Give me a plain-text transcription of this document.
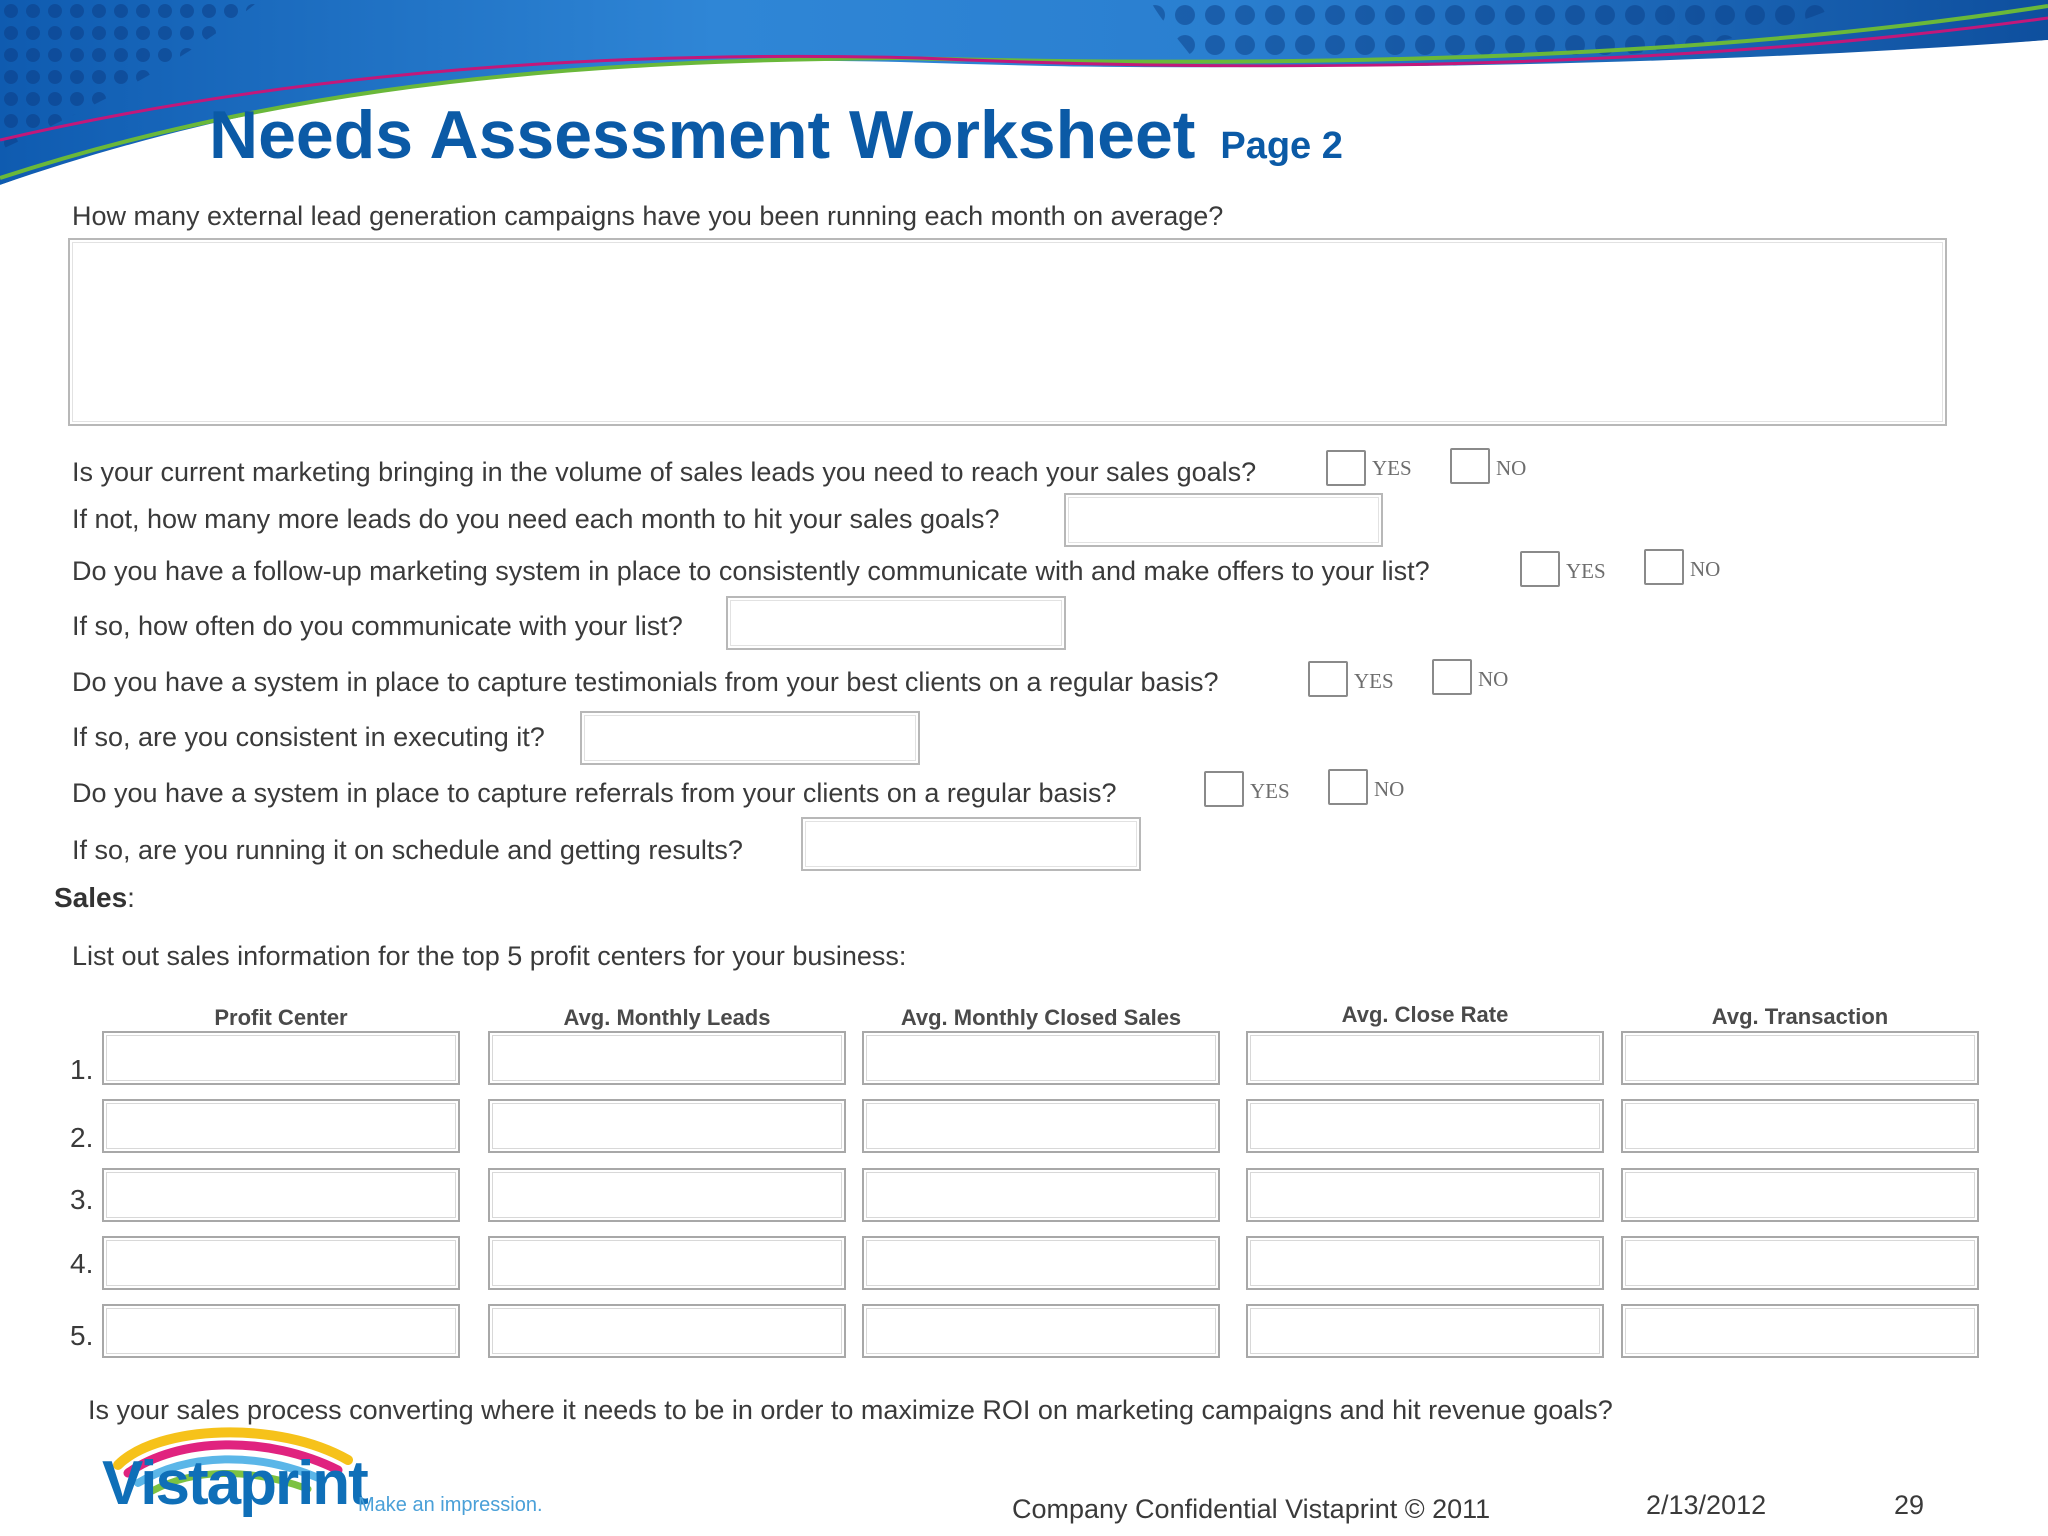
Needs Assessment Worksheet Page 2
How many external lead generation campaigns have you been running each month on average?
Is your current marketing bringing in the volume of sales leads you need to reach your sales goals?	YES	NO
If not, how many more leads do you need each month to hit your sales goals?
Do you have a follow-up marketing system in place to consistently communicate with and make offers to your list?	YES	NO
If so, how often do you communicate with your list?
Do you have a system in place to capture testimonials from your best clients on a regular basis?	YES	NO
If so, are you consistent in executing it?
Do you have a system in place to capture referrals from your clients on a regular basis?	YES	NO
If so, are you running it on schedule and getting results?
Sales:
List out sales information for the top 5 profit centers for your business:
Profit Center	Avg. Monthly Leads	Avg. Monthly Closed Sales	Avg. Close Rate	Avg. Transaction
1.
2.
3.
4.
5.
Is your sales process converting where it needs to be in order to maximize ROI on marketing campaigns and hit revenue goals?
Vistaprint
Make an impression.	Company Confidential Vistaprint © 2011	2/13/2012	29
